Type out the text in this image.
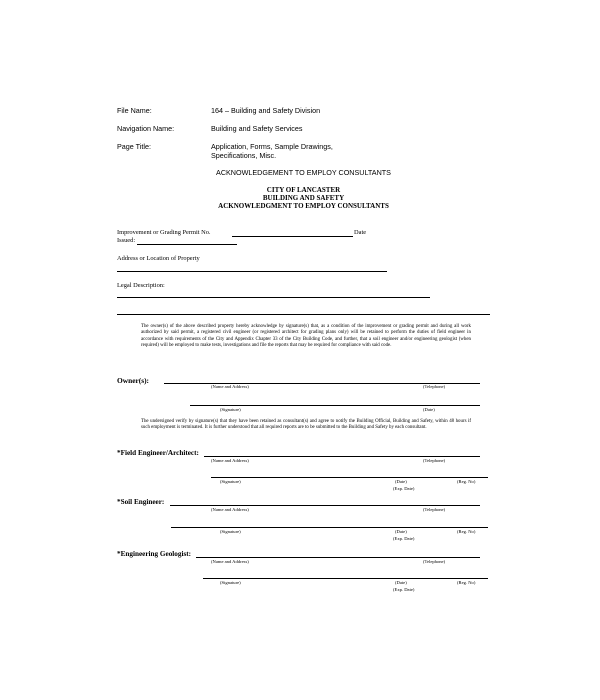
File Name:	164 – Building and Safety Division
Navigation Name:	Building and Safety Services
Page Title:	Application, Forms, Sample Drawings,
Specifications, Misc.
ACKNOWLEDGEMENT TO EMPLOY CONSULTANTS
CITY OF LANCASTER
BUILDING AND SAFETY
ACKNOWLEDGMENT TO EMPLOY CONSULTANTS
Improvement or Grading Permit No.	Date
Issued:
Address or Location of Property
Legal Description:
The owner(s) of the above described property hereby acknowledge by signature(s) that, as a condition of the improvement or grading permit and during all work authorized by said permit, a registered civil engineer (or registered architect for grading plans only) will be retained to perform the duties of field engineer in accordance with requirements of the City and Appendix Chapter 33 of the City Building Code, and further, that a soil engineer and/or engineering geologist (when required) will be employed to make tests, investigations and file the reports that may be required for compliance with said code.
Owner(s):
(Name and Address)	(Telephone)
(Signature)	(Date)
The undersigned verify by signature(s) that they have been retained as consultant(s) and agree to notify the Building Official, Building and Safety, within 48 hours if such employment is terminated. It is further understood that all required reports are to be submitted to the Building and Safety by each consultant.
*Field Engineer/Architect:
(Name and Address)	(Telephone)
(Signature)	(Date)	(Reg. No)
(Exp. Date)
*Soil Engineer:
(Name and Address)	(Telephone)
(Signature)	(Date)	(Reg. No)
(Exp. Date)
*Engineering Geologist:
(Name and Address)	(Telephone)
(Signature)	(Date)	(Reg. No)
(Exp. Date)
